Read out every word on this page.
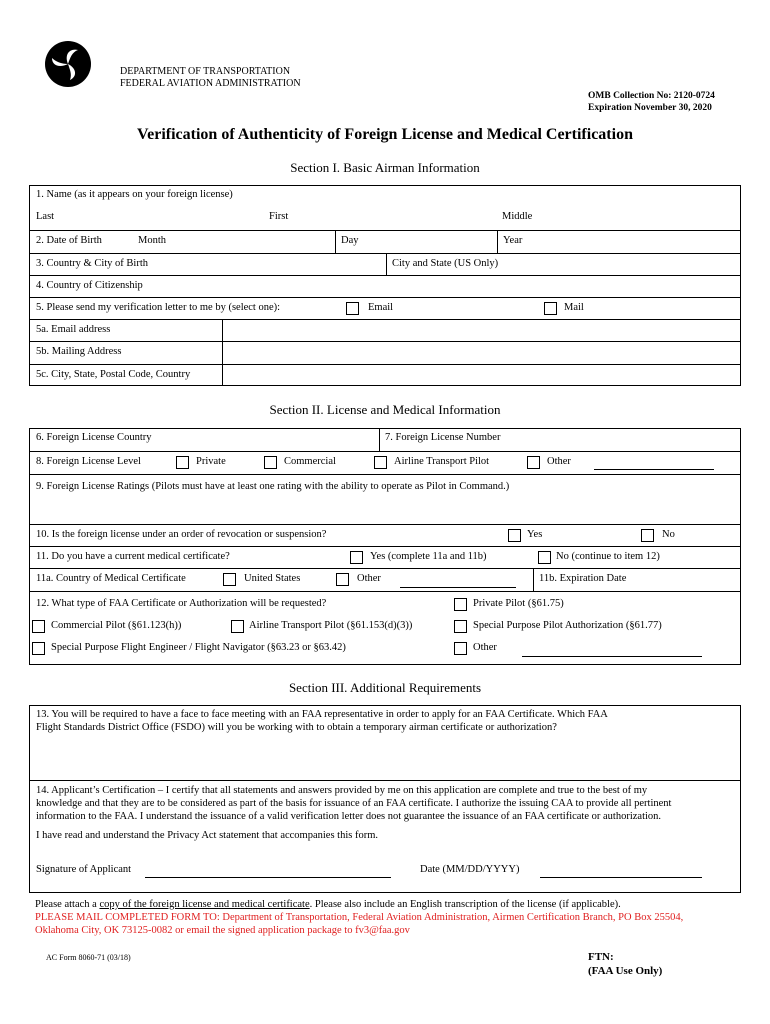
DEPARTMENT OF TRANSPORTATION
FEDERAL AVIATION ADMINISTRATION
OMB Collection No: 2120-0724
Expiration November 30, 2020
Verification of Authenticity of Foreign License and Medical Certification
Section I. Basic Airman Information
1. Name (as it appears on your foreign license)
Last	First	Middle
2. Date of Birth	Month	Day	Year
3. Country & City of Birth	City and State (US Only)
4. Country of Citizenship
5. Please send my verification letter to me by (select one):	Email	Mail
5a. Email address
5b. Mailing Address
5c. City, State, Postal Code, Country
Section II. License and Medical Information
6. Foreign License Country	7. Foreign License Number
8. Foreign License Level	Private	Commercial	Airline Transport Pilot	Other
9. Foreign License Ratings (Pilots must have at least one rating with the ability to operate as Pilot in Command.)
10. Is the foreign license under an order of revocation or suspension?	Yes	No
11. Do you have a current medical certificate?	Yes (complete 11a and 11b)	No (continue to item 12)
11a. Country of Medical Certificate	United States	Other	11b. Expiration Date
12. What type of FAA Certificate or Authorization will be requested?	Private Pilot (§61.75)
Commercial Pilot (§61.123(h))	Airline Transport Pilot (§61.153(d)(3))	Special Purpose Pilot Authorization (§61.77)
Special Purpose Flight Engineer / Flight Navigator (§63.23 or §63.42)	Other
Section III. Additional Requirements
13. You will be required to have a face to face meeting with an FAA representative in order to apply for an FAA Certificate. Which FAA
Flight Standards District Office (FSDO) will you be working with to obtain a temporary airman certificate or authorization?
14. Applicant’s Certification – I certify that all statements and answers provided by me on this application are complete and true to the best of my
knowledge and that they are to be considered as part of the basis for issuance of an FAA certificate. I authorize the issuing CAA to provide all pertinent
information to the FAA. I understand the issuance of a valid verification letter does not guarantee the issuance of an FAA certificate or authorization.
I have read and understand the Privacy Act statement that accompanies this form.
Signature of Applicant	Date (MM/DD/YYYY)
Please attach a copy of the foreign license and medical certificate. Please also include an English transcription of the license (if applicable).
PLEASE MAIL COMPLETED FORM TO: Department of Transportation, Federal Aviation Administration, Airmen Certification Branch, PO Box 25504,
Oklahoma City, OK 73125-0082 or email the signed application package to fv3@faa.gov
AC Form 8060-71 (03/18)	FTN:
(FAA Use Only)
